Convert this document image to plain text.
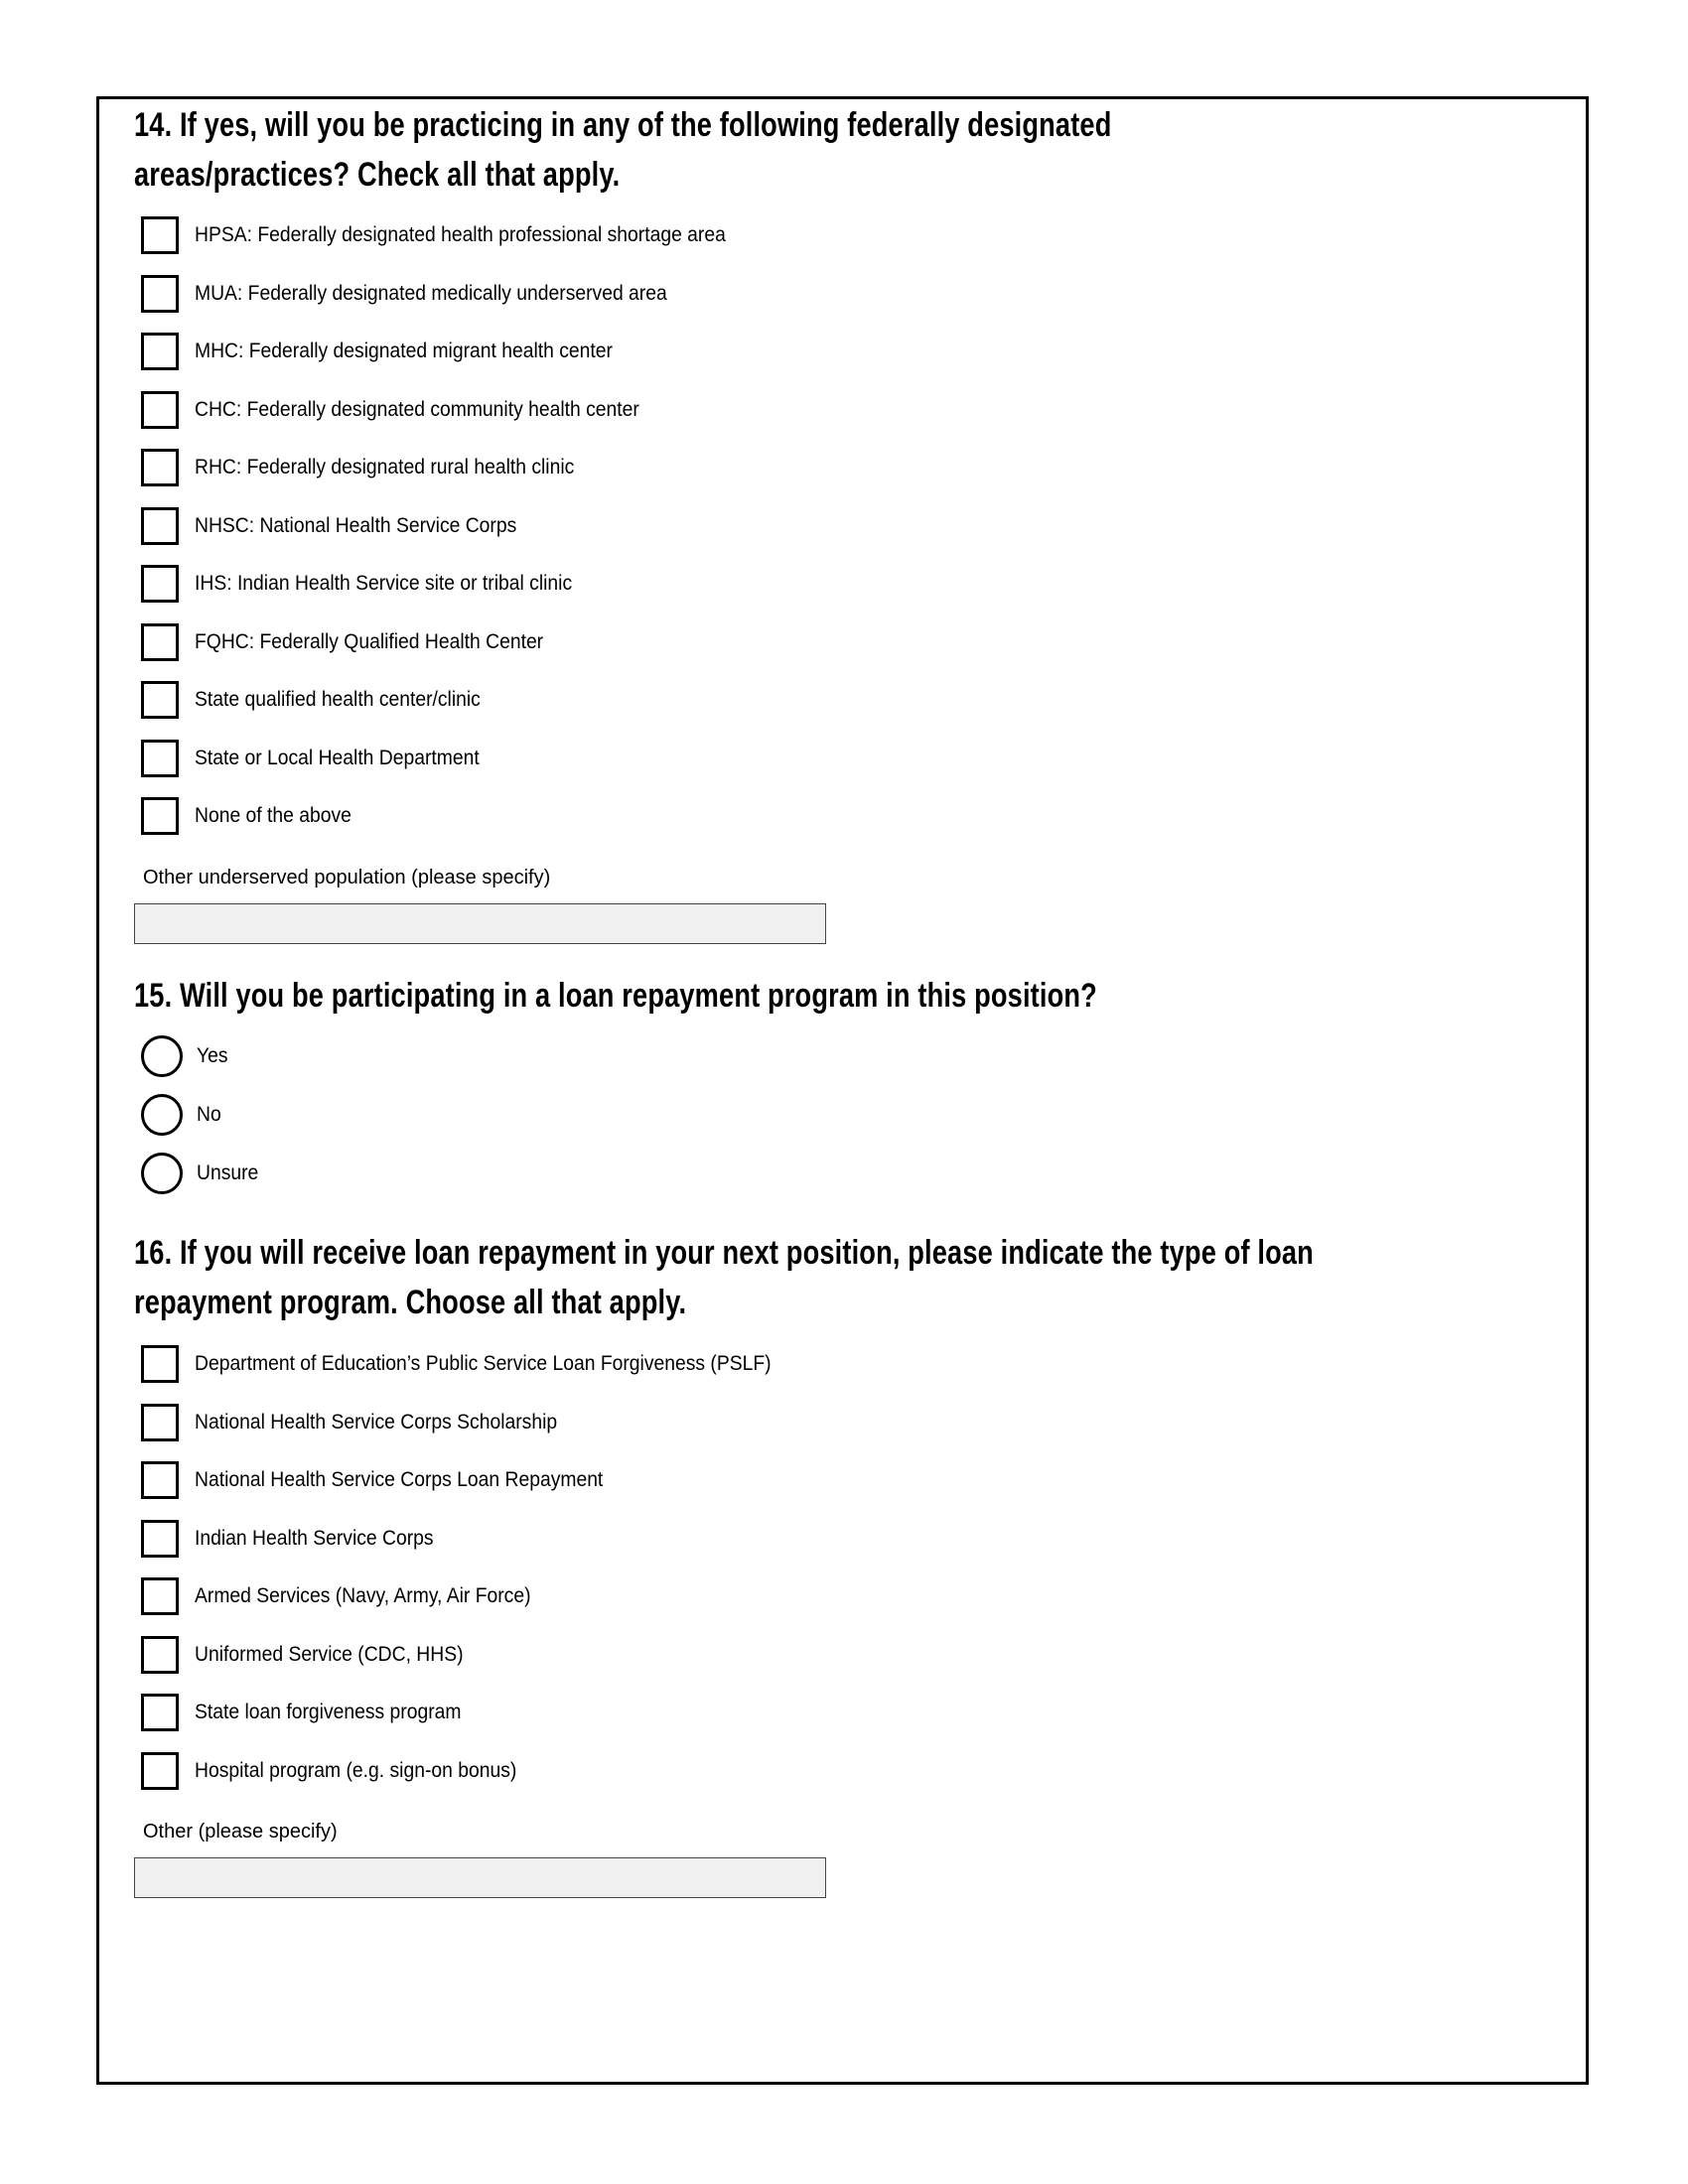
14. If yes, will you be practicing in any of the following federally designated
areas/practices? Check all that apply.
HPSA: Federally designated health professional shortage area
MUA: Federally designated medically underserved area
MHC: Federally designated migrant health center
CHC: Federally designated community health center
RHC: Federally designated rural health clinic
NHSC: National Health Service Corps
IHS: Indian Health Service site or tribal clinic
FQHC: Federally Qualified Health Center
State qualified health center/clinic
State or Local Health Department
None of the above
Other underserved population (please specify)
15. Will you be participating in a loan repayment program in this position?
Yes
No
Unsure
16. If you will receive loan repayment in your next position, please indicate the type of loan
repayment program. Choose all that apply.
Department of Education’s Public Service Loan Forgiveness (PSLF)
National Health Service Corps Scholarship
National Health Service Corps Loan Repayment
Indian Health Service Corps
Armed Services (Navy, Army, Air Force)
Uniformed Service (CDC, HHS)
State loan forgiveness program
Hospital program (e.g. sign-on bonus)
Other (please specify)
